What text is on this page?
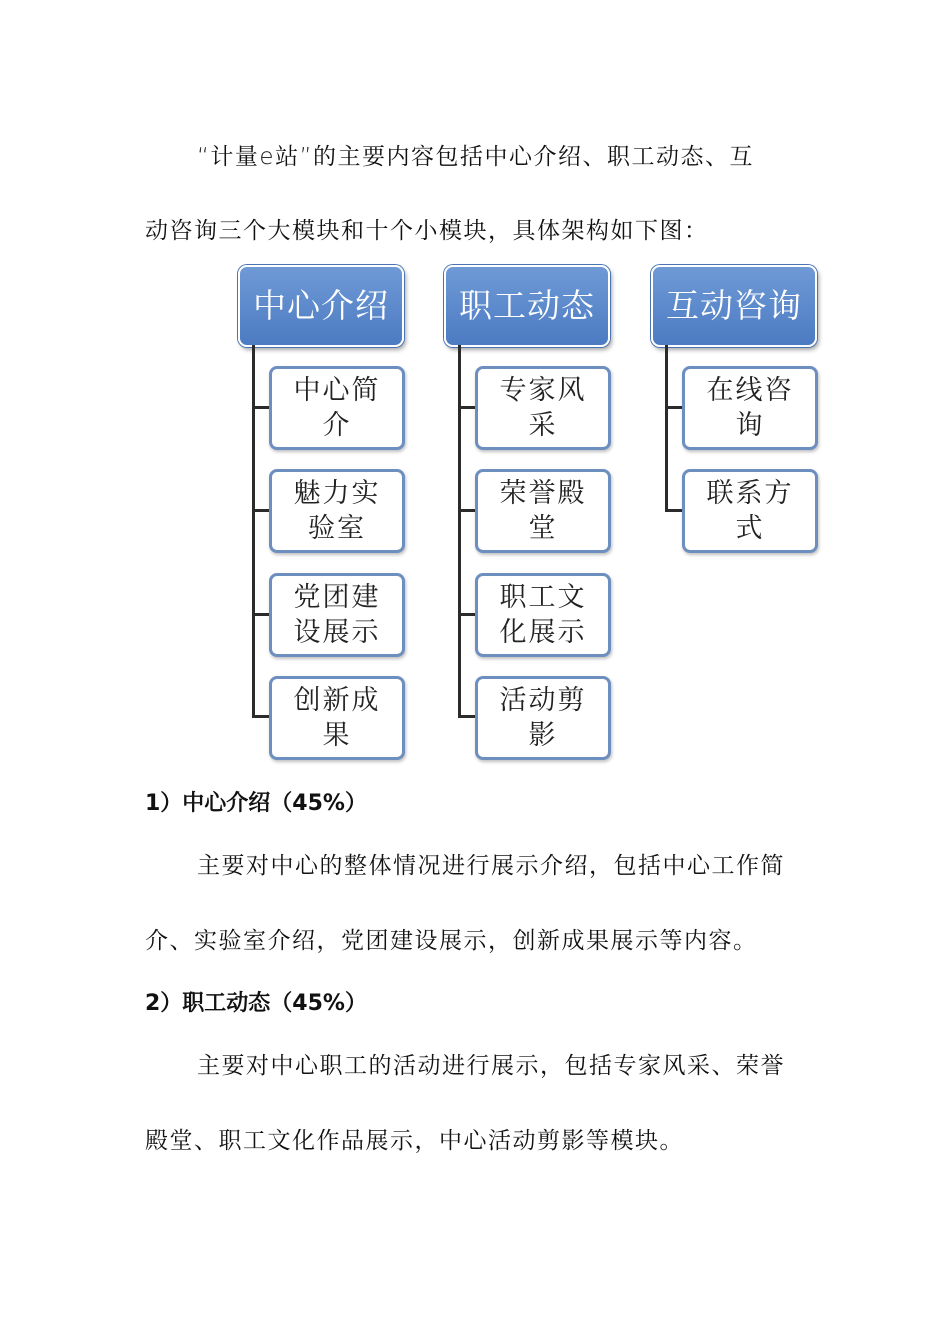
“计量e站”的主要内容包括中心介绍、职工动态、互
动咨询三个大模块和十个小模块，具体架构如下图：
中心介绍
中心简介
魅力实验室
党团建设展示
创新成果
职工动态
专家风采
荣誉殿堂
职工文化展示
活动剪影
互动咨询
在线咨询
联系方式
1）中心介绍（45%）
主要对中心的整体情况进行展示介绍，包括中心工作简
介、实验室介绍，党团建设展示，创新成果展示等内容。
2）职工动态（45%）
主要对中心职工的活动进行展示，包括专家风采、荣誉
殿堂、职工文化作品展示，中心活动剪影等模块。
